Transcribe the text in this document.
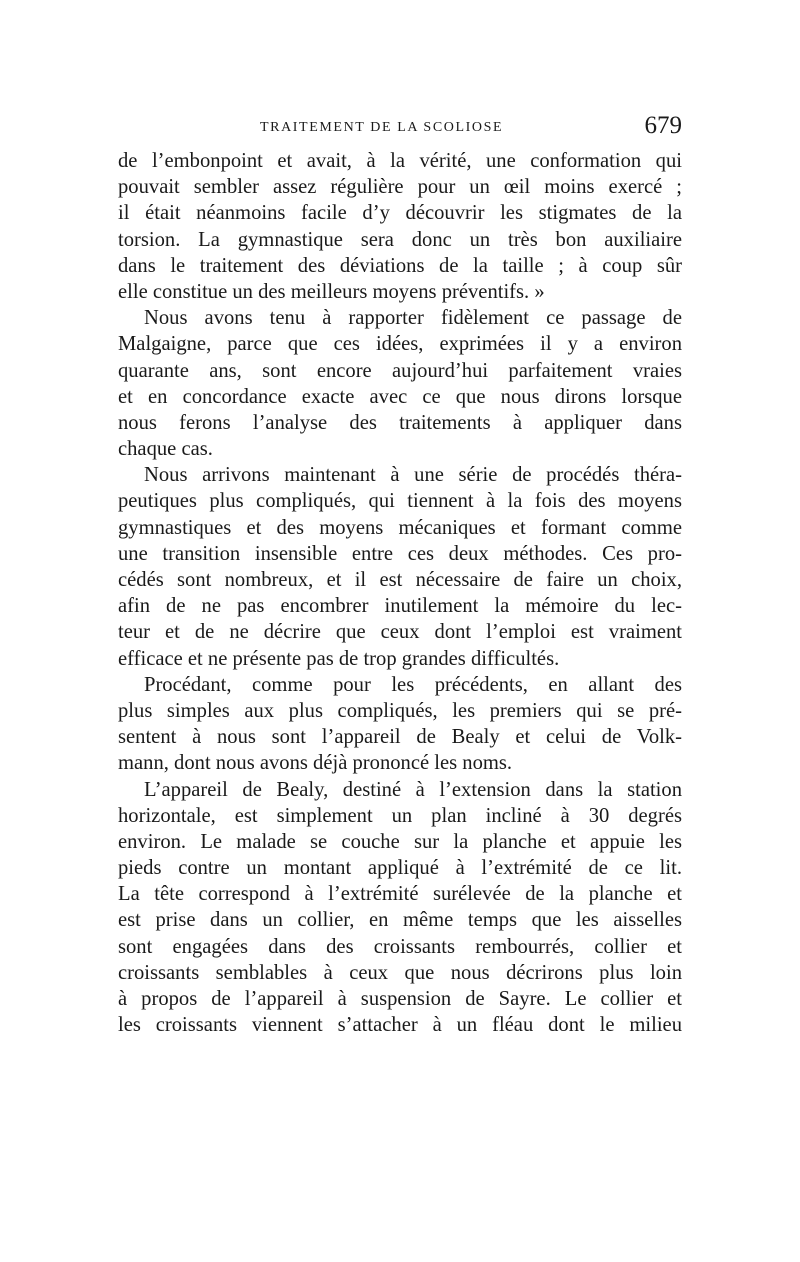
TRAITEMENT DE LA SCOLIOSE	679
de l’embonpoint et avait, à la vérité, une conformation qui
pouvait sembler assez régulière pour un œil moins exercé ;
il était néanmoins facile d’y découvrir les stigmates de la
torsion. La gymnastique sera donc un très bon auxiliaire
dans le traitement des déviations de la taille ; à coup sûr
elle constitue un des meilleurs moyens préventifs. »
Nous avons tenu à rapporter fidèlement ce passage de
Malgaigne, parce que ces idées, exprimées il y a environ
quarante ans, sont encore aujourd’hui parfaitement vraies
et en concordance exacte avec ce que nous dirons lorsque
nous ferons l’analyse des traitements à appliquer dans
chaque cas.
Nous arrivons maintenant à une série de procédés théra-
peutiques plus compliqués, qui tiennent à la fois des moyens
gymnastiques et des moyens mécaniques et formant comme
une transition insensible entre ces deux méthodes. Ces pro-
cédés sont nombreux, et il est nécessaire de faire un choix,
afin de ne pas encombrer inutilement la mémoire du lec-
teur et de ne décrire que ceux dont l’emploi est vraiment
efficace et ne présente pas de trop grandes difficultés.
Procédant, comme pour les précédents, en allant des
plus simples aux plus compliqués, les premiers qui se pré-
sentent à nous sont l’appareil de Bealy et celui de Volk-
mann, dont nous avons déjà prononcé les noms.
L’appareil de Bealy, destiné à l’extension dans la station
horizontale, est simplement un plan incliné à 30 degrés
environ. Le malade se couche sur la planche et appuie les
pieds contre un montant appliqué à l’extrémité de ce lit.
La tête correspond à l’extrémité surélevée de la planche et
est prise dans un collier, en même temps que les aisselles
sont engagées dans des croissants rembourrés, collier et
croissants semblables à ceux que nous décrirons plus loin
à propos de l’appareil à suspension de Sayre. Le collier et
les croissants viennent s’attacher à un fléau dont le milieu
